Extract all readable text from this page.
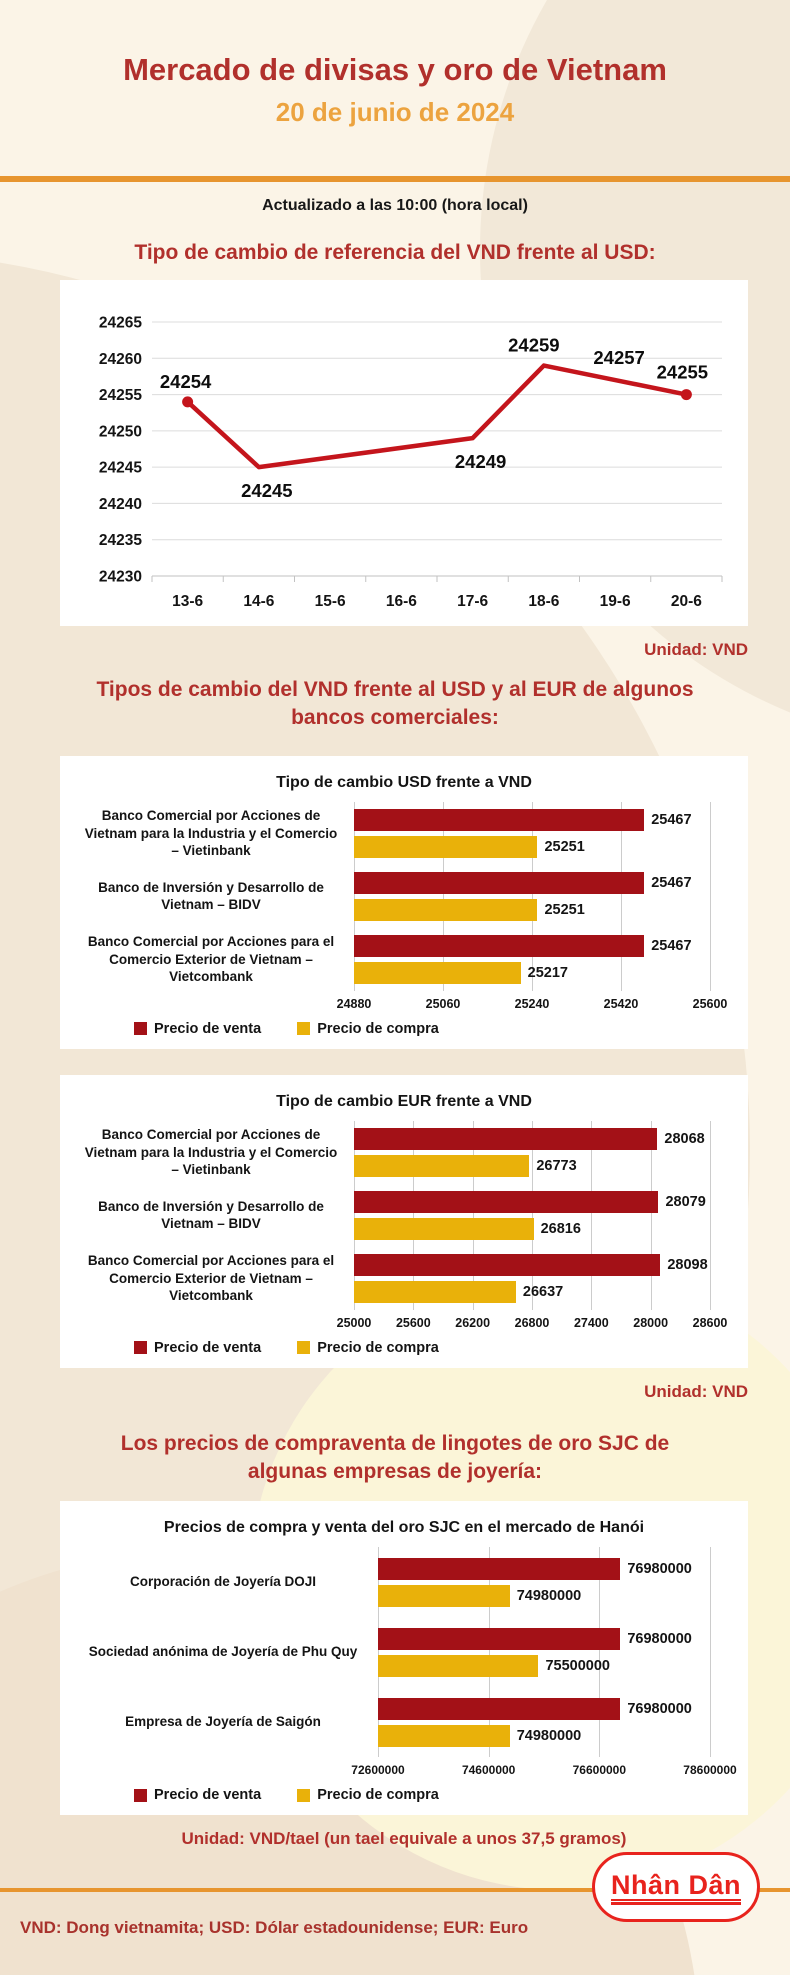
Mercado de divisas y oro de Vietnam
20 de junio de 2024
Actualizado a las 10:00 (hora local)
Tipo de cambio de referencia del VND frente al USD:
24230
24235
24240
24245
24250
24255
24260
24265
13-6	14-6	15-6	16-6	17-6	18-6	19-6	20-6
24254
24245
24249
24259
24257
24255
Unidad: VND
Tipos de cambio del VND frente al USD y al EUR de algunos bancos comerciales:
Tipo de cambio USD frente a VND
Banco Comercial por Acciones de Vietnam para la Industria y el Comercio – Vietinbank
Banco de Inversión y Desarrollo de Vietnam – BIDV
Banco Comercial por Acciones para el Comercio Exterior de Vietnam – Vietcombank
25467
25251
25467
25251
25467
25217
24880	25060	25240	25420	25600
Precio de venta	Precio de compra
Tipo de cambio EUR frente a VND
Banco Comercial por Acciones de Vietnam para la Industria y el Comercio – Vietinbank
Banco de Inversión y Desarrollo de Vietnam – BIDV
Banco Comercial por Acciones para el Comercio Exterior de Vietnam – Vietcombank
28068
26773
28079
26816
28098
26637
25000 25600 26200 26800 27400 28000 28600
Precio de venta	Precio de compra
Unidad: VND
Los precios de compraventa de lingotes de oro SJC de algunas empresas de joyería:
Precios de compra y venta del oro SJC en el mercado de Hanói
Corporación de Joyería DOJI
Sociedad anónima de Joyería de Phu Quy
Empresa de Joyería de Saigón
76980000
74980000
76980000
75500000
76980000
74980000
72600000	74600000	76600000	78600000
Precio de venta	Precio de compra
Unidad: VND/tael (un tael equivale a unos 37,5 gramos)
VND: Dong vietnamita; USD: Dólar estadounidense; EUR: Euro
Nhân Dân
